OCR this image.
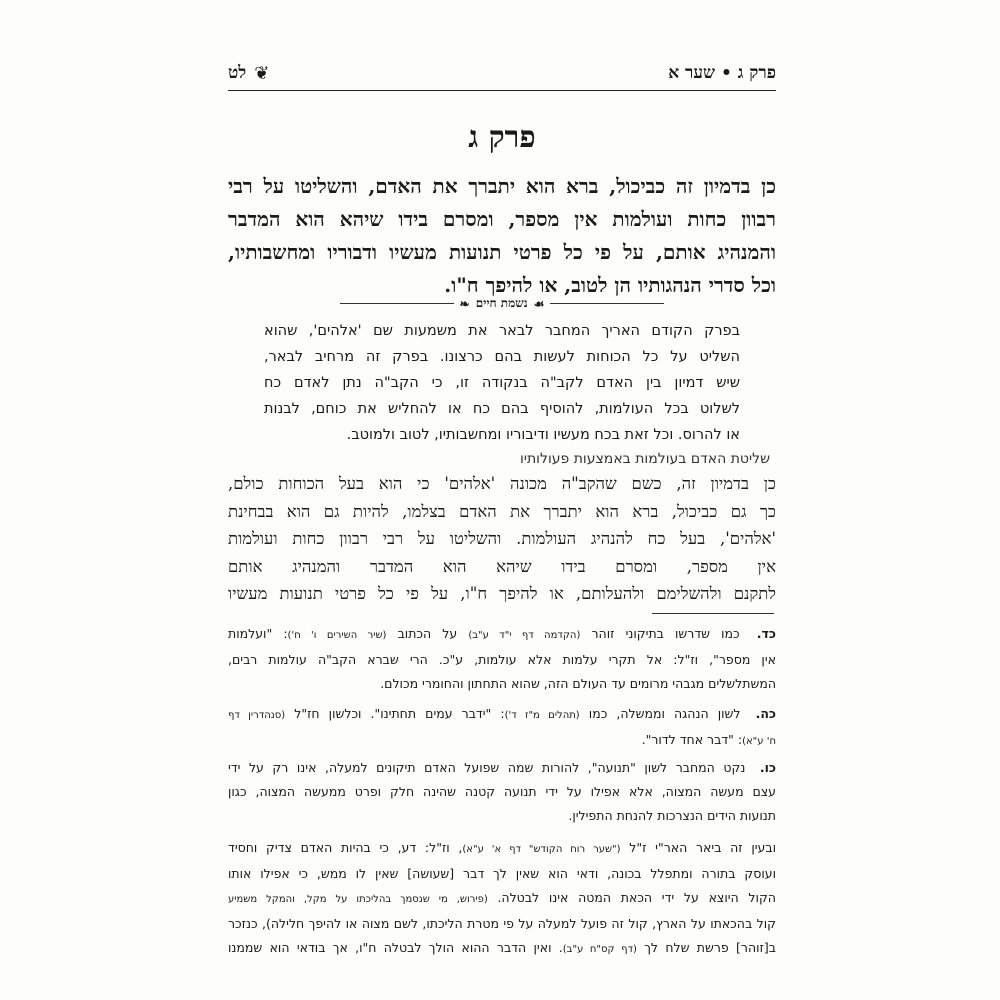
פרק ג • שער א
❦
לט
פרק ג
כן בדמיון זה כביכול, ברא הוא יתברך את האדם, והשליטו על רבי
רבוון כחות ועולמות אין מספר, ומסרם בידו שיהא הוא המדבר
והמנהיג אותם, על פי כל פרטי תנועות מעשיו ודבוריו ומחשבותיו,
וכל סדרי הנהגותיו הן לטוב, או להיפך ח"ו.
☙
נשמת חיים
❧
בפרק הקודם האריך המחבר לבאר את משמעות שם 'אלהים', שהוא
השליט על כל הכוחות לעשות בהם כרצונו. בפרק זה מרחיב לבאר,
שיש דמיון בין האדם לקב"ה בנקודה זו, כי הקב"ה נתן לאדם כח
לשלוט בכל העולמות, להוסיף בהם כח או להחליש את כוחם, לבנות
או להרוס. וכל זאת בכח מעשיו ודיבוריו ומחשבותיו, לטוב ולמוטב.
שליטת האדם בעולמות באמצעות פעולותיו
כן בדמיון זה, כשם שהקב"ה מכונה 'אלהים' כי הוא בעל הכוחות כולם,
כך גם כביכול, ברא הוא יתברך את האדם בצלמו, להיות גם הוא בבחינת
'אלהים', בעל כח להנהיג העולמות. והשליטו על רבי רבוון כחות ועולמות
אין מספר, ומסרם בידו שיהא הוא המדבר והמנהיג אותם
לתקנם ולהשלימם ולהעלותם, או להיפך ח"ו, על פי כל פרטי תנועות מעשיו
כד. כמו שדרשו בתיקוני זוהר (הקדמה דף י"ד ע"ב) על הכתוב (שיר השירים ו' ח'): "ועלמות
אין מספר", וז"ל: אל תקרי עלמות אלא עולמות, ע"כ. הרי שברא הקב"ה עולמות רבים,
המשתלשלים מגבהי מרומים עד העולם הזה, שהוא התחתון והחומרי מכולם.
כה. לשון הנהגה וממשלה, כמו (תהלים מ"ז ד'): "ידבר עמים תחתינו". וכלשון חז"ל (סנהדרין דף
ח' ע"א): "דבר אחד לדור".
כו. נקט המחבר לשון "תנועה", להורות שמה שפועל האדם תיקונים למעלה, אינו רק על ידי
עצם מעשה המצוה, אלא אפילו על ידי תנועה קטנה שהינה חלק ופרט ממעשה המצוה, כגון
תנועות הידים הנצרכות להנחת התפילין.
ובעין זה ביאר האר"י ז"ל ("שער רוח הקודש" דף א' ע"א), וז"ל: דע, כי בהיות האדם צדיק וחסיד
ועוסק בתורה ומתפלל בכונה, ודאי הוא שאין לך דבר [שעושה] שאין לו ממש, כי אפילו אותו
הקול היוצא על ידי הכאת המטה אינו לבטלה. (פירוש, מי שנסמך בהליכתו על מקל, והמקל משמיע
קול בהכאתו על הארץ, קול זה פועל למעלה על פי מטרת הליכתו, לשם מצוה או להיפך חלילה), כנזכר
ב[זוהר] פרשת שלח לך (דף קס"ח ע"ב). ואין הדבר ההוא הולך לבטלה ח"ו, אך בודאי הוא שממנו
